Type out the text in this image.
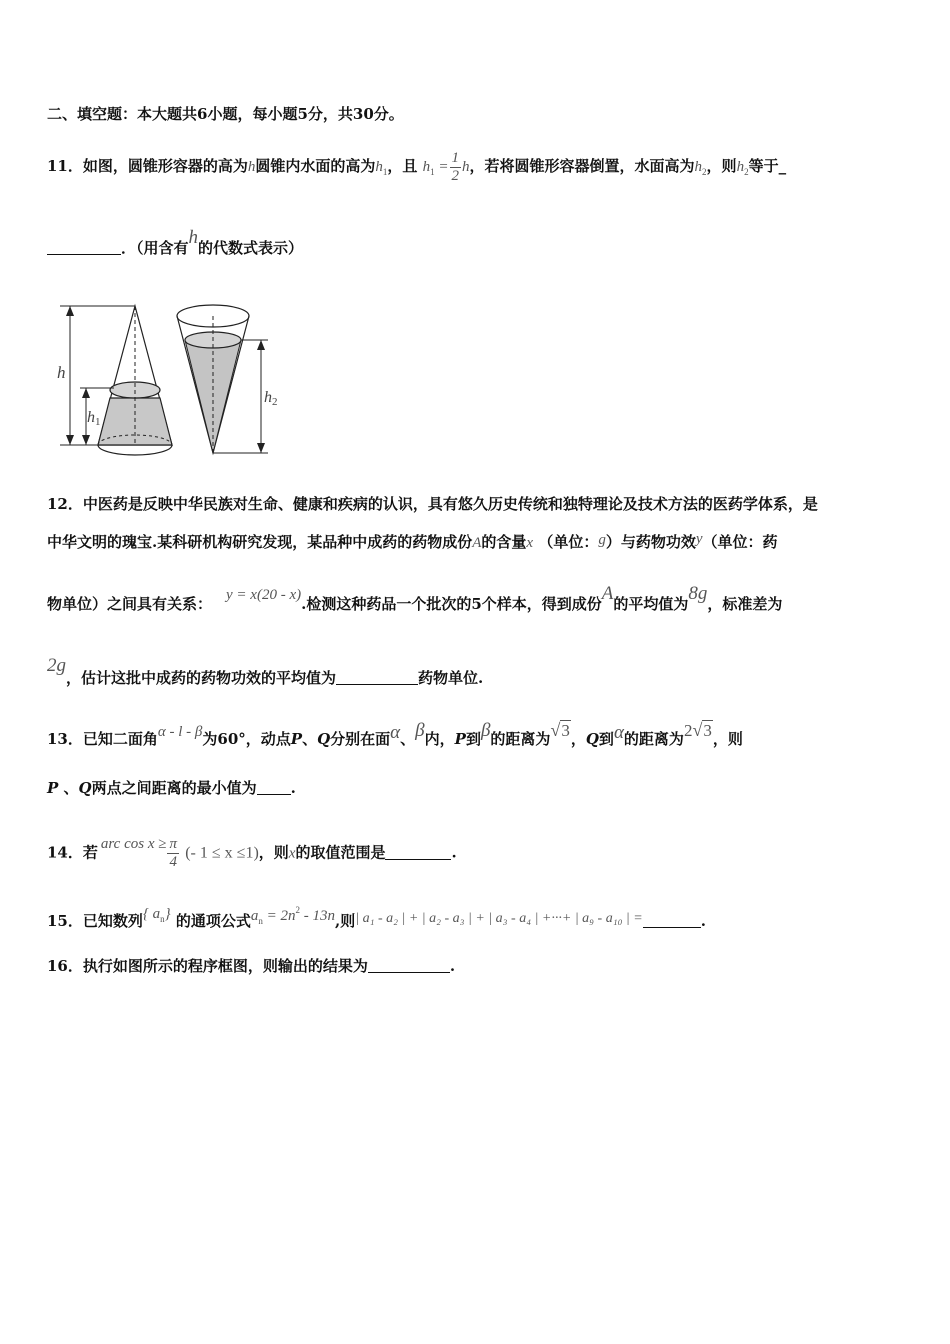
二、填空题：本大题共6小题，每小题5分，共30分。
11．如图，圆锥形容器的高为h圆锥内水面的高为$h_1$，且 $h_1 = \frac{1}{2}$ h，若将圆锥形容器倒置，水面高为$h_2$，则$h_2$等于_
．（用含有h的代数式表示）
h
h1
h2
12．中医药是反映中华民族对生命、健康和疾病的认识，具有悠久历史传统和独特理论及技术方法的医药学体系，是
中华文明的瑰宝.某科研机构研究发现，某品种中成药的药物成份A的含量x （单位：g）与药物功效y（单位：药
物单位）之间具有关系： y = x(20 - x).检测这种药品一个批次的5个样本，得到成份A的平均值为8g，标准差为
2g，估计这批中成药的药物功效的平均值为	药物单位.
13．已知二面角α - l - β为60°，动点P、Q分别在面α、β内，P到β的距离为√3，Q到α的距离为2√3，则
P 、Q两点之间距离的最小值为 .
14．若 arc $\cos x \ge \frac{\pi}{4}$ (- 1 ≤ x ≤1)，则x的取值范围是	.
15．已知数列{ $a_n$} 的通项公式$a_n = 2n^2 - 13n$,则| a₁ - a₂ | + | a₂ - a₃ | + | a₃ - a₄ | +···+ | a₉ - a₁₀ | =	.
16．执行如图所示的程序框图，则输出的结果为	.
